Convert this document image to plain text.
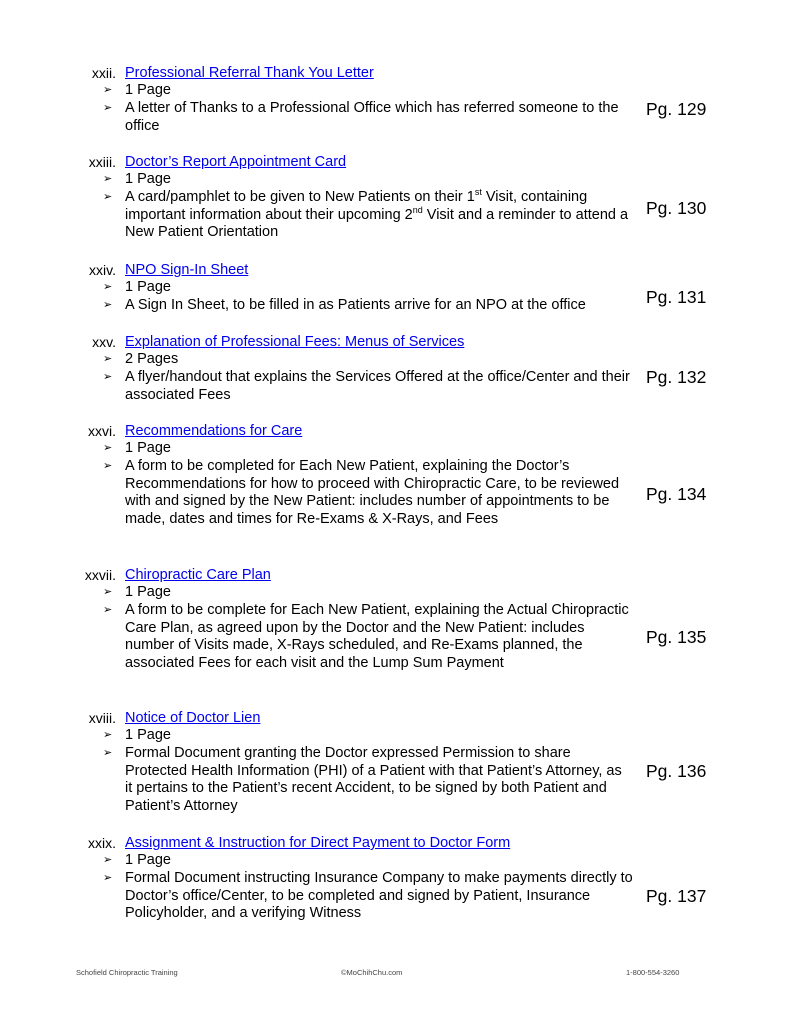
xxii. Professional Referral Thank You Letter
➢ 1 Page
➢ A letter of Thanks to a Professional Office which has referred someone to the office
Pg. 129
xxiii. Doctor’s Report Appointment Card
➢ 1 Page
➢ A card/pamphlet to be given to New Patients on their 1st Visit, containing important information about their upcoming 2nd Visit and a reminder to attend a New Patient Orientation
Pg. 130
xxiv. NPO Sign-In Sheet
➢ 1 Page
➢ A Sign In Sheet, to be filled in as Patients arrive for an NPO at the office	Pg. 131
xxv. Explanation of Professional Fees: Menus of Services
➢ 2 Pages
➢ A flyer/handout that explains the Services Offered at the office/Center and their associated Fees
Pg. 132
xxvi. Recommendations for Care
➢ 1 Page
➢ A form to be completed for Each New Patient, explaining the Doctor’s Recommendations for how to proceed with Chiropractic Care, to be reviewed with and signed by the New Patient: includes number of appointments to be made, dates and times for Re-Exams & X-Rays, and Fees
Pg. 134
xxvii. Chiropractic Care Plan
➢ 1 Page
➢ A form to be complete for Each New Patient, explaining the Actual Chiropractic Care Plan, as agreed upon by the Doctor and the New Patient: includes number of Visits made, X-Rays scheduled, and Re-Exams planned, the associated Fees for each visit and the Lump Sum Payment
Pg. 135
xviii. Notice of Doctor Lien
➢ 1 Page
➢ Formal Document granting the Doctor expressed Permission to share Protected Health Information (PHI) of a Patient with that Patient’s Attorney, as it pertains to the Patient’s recent Accident, to be signed by both Patient and Patient’s Attorney
Pg. 136
xxix. Assignment & Instruction for Direct Payment to Doctor Form
➢ 1 Page
➢ Formal Document instructing Insurance Company to make payments directly to Doctor’s office/Center, to be completed and signed by Patient, Insurance Policyholder, and a verifying Witness
Pg. 137
Schofield Chiropractic Training	©MoChihChu.com	1-800-554-3260
